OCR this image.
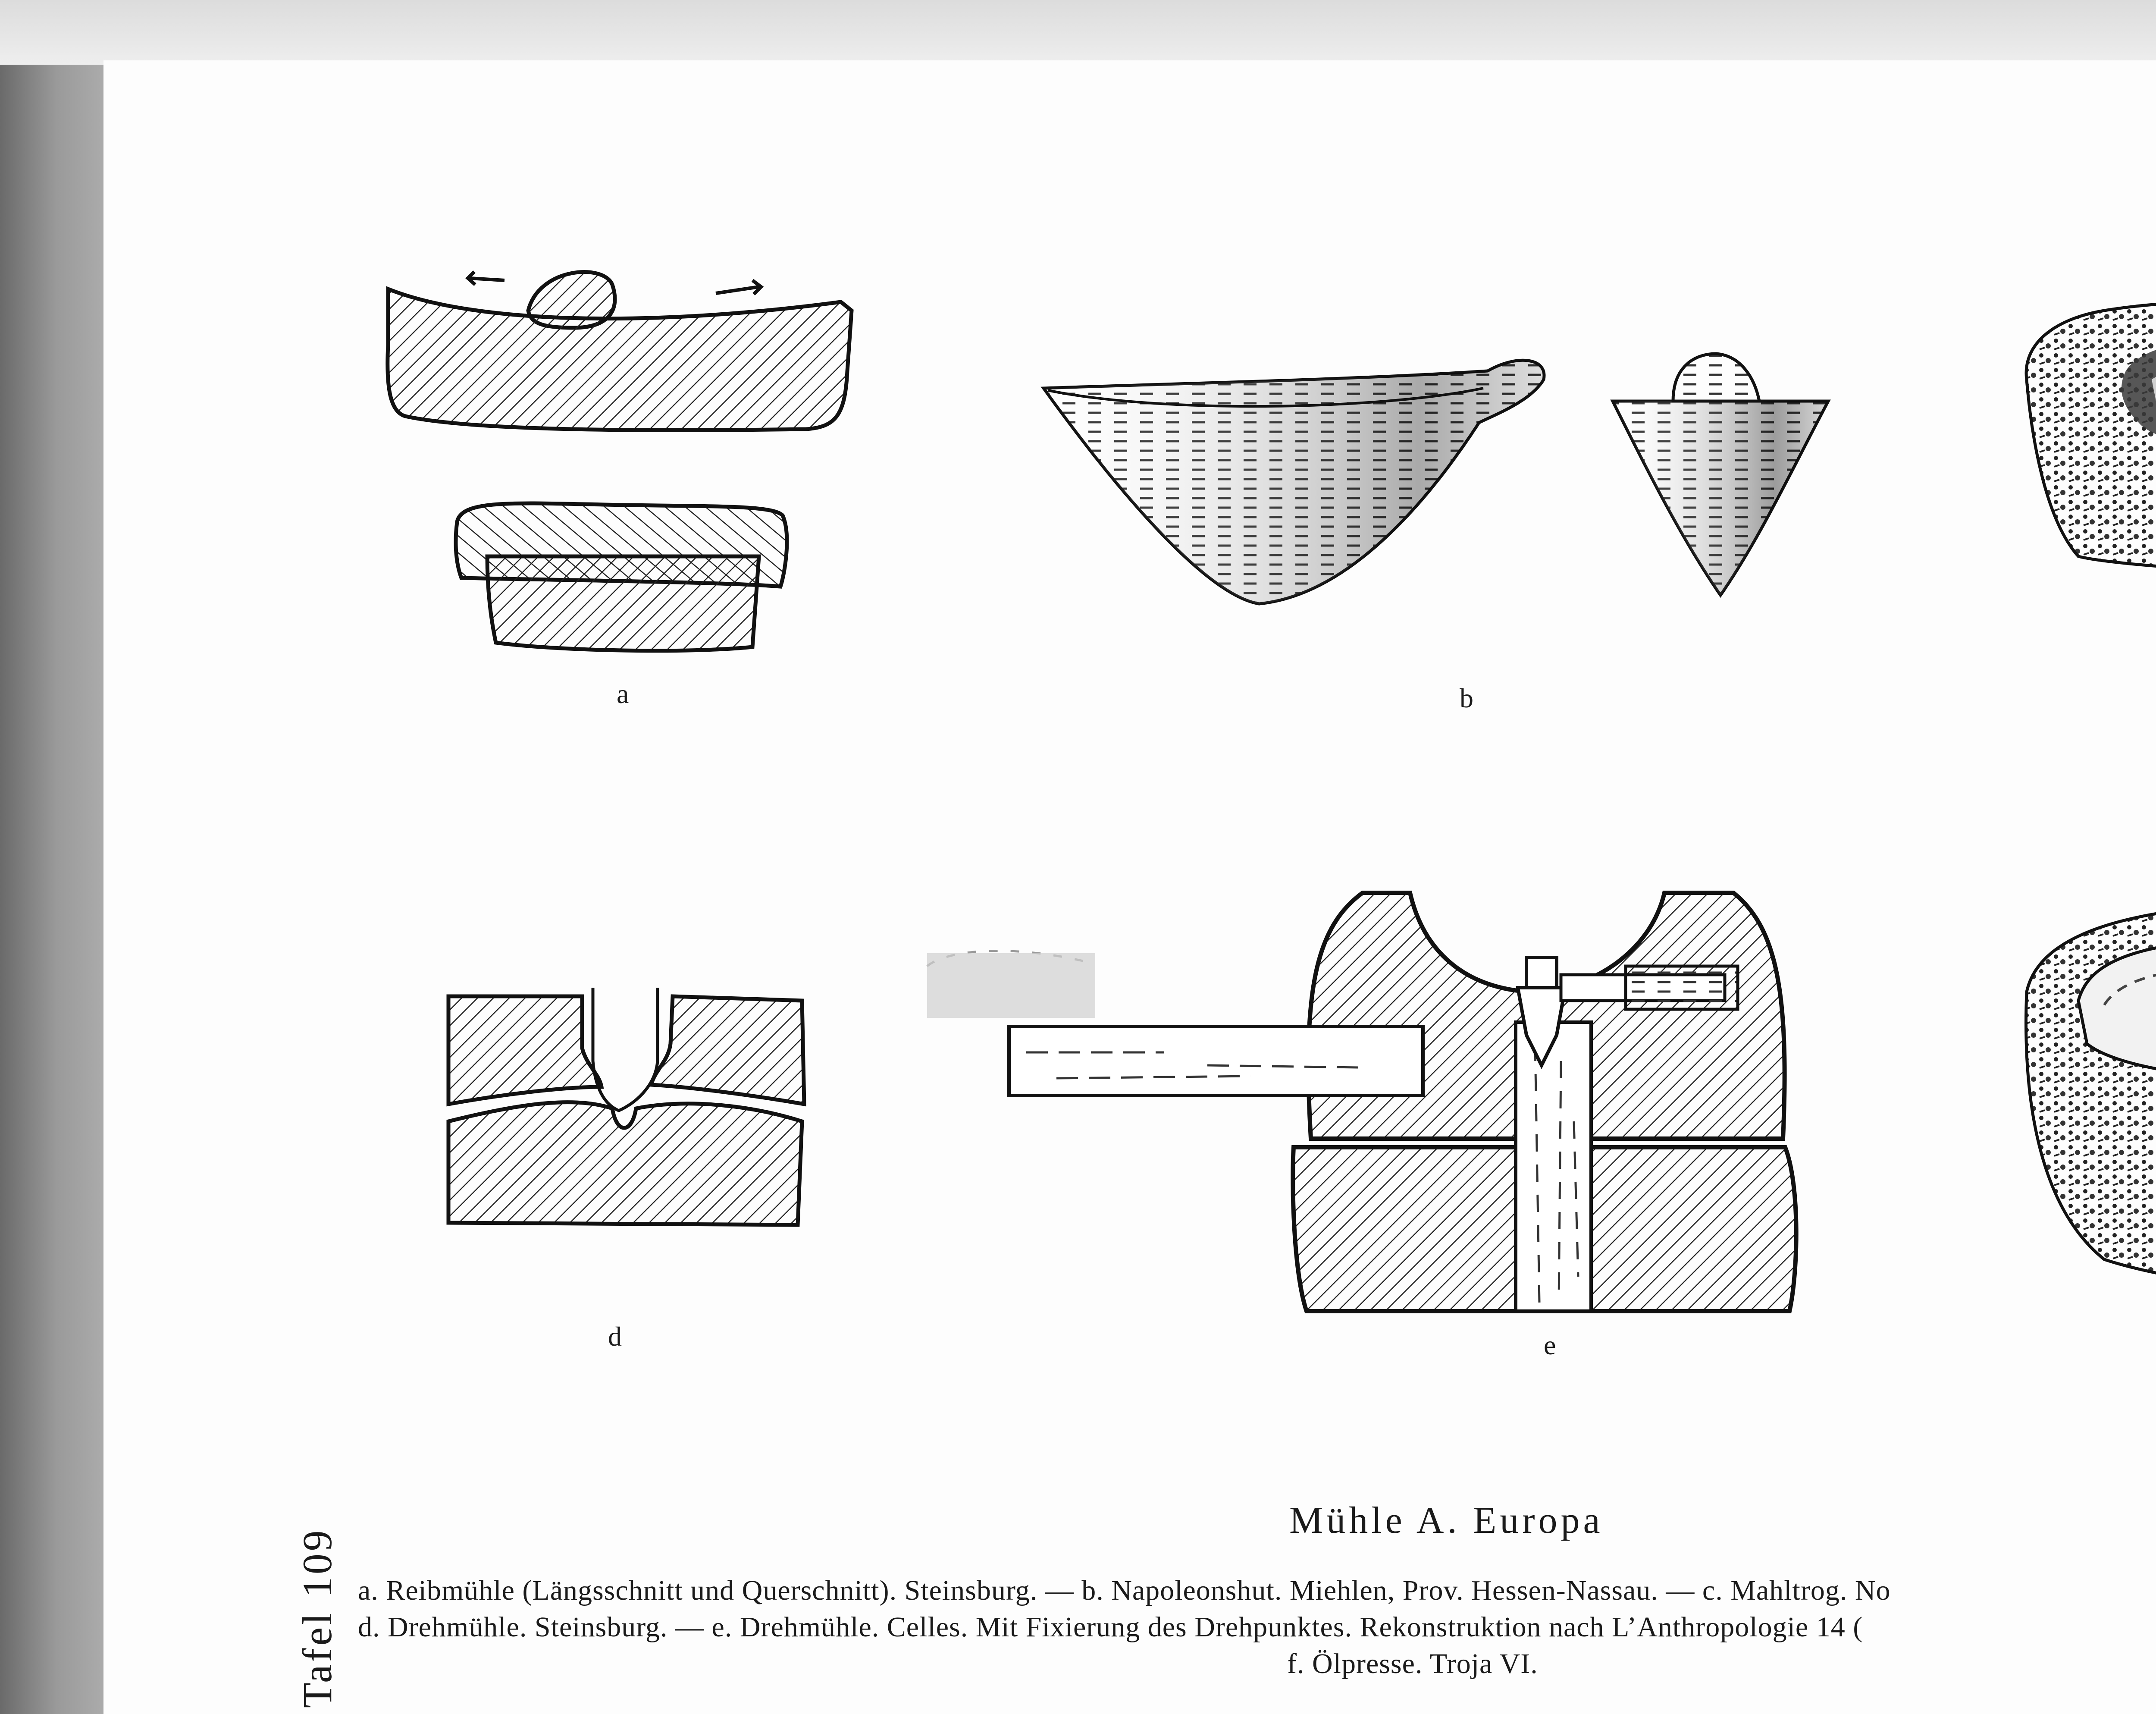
a	b
d	e
Tafel 109
Mühle A. Europa
a. Reibmühle (Längsschnitt und Querschnitt). Steinsburg. — b. Napoleonshut. Miehlen, Prov. Hessen-Nassau. — c. Mahltrog. No
d. Drehmühle. Steinsburg. — e. Drehmühle. Celles. Mit Fixierung des Drehpunktes. Rekonstruktion nach L’Anthropologie 14 (
f. Ölpresse. Troja VI.
